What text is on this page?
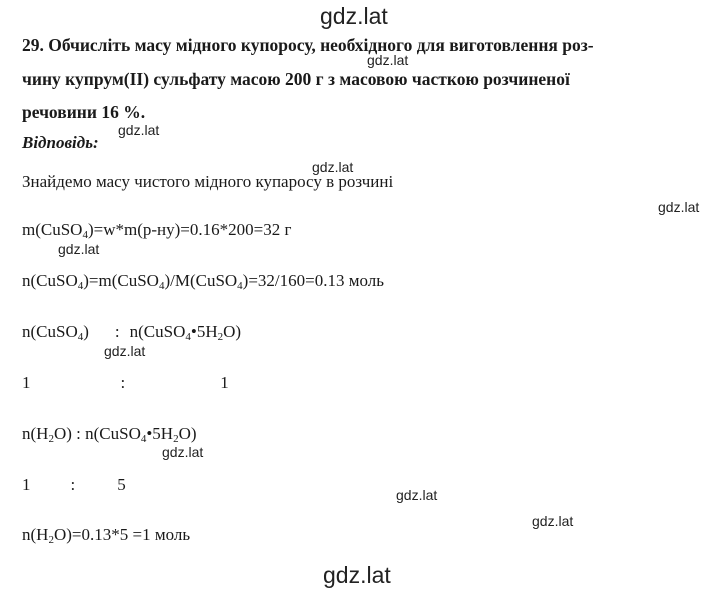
gdz.lat
gdz.lat
gdz.lat
gdz.lat
gdz.lat
gdz.lat
gdz.lat
gdz.lat
gdz.lat
gdz.lat
gdz.lat
29. Обчисліть масу мідного купоросу, необхідного для виготовлення роз-
чину купрум(ІІ) сульфату масою 200 г з масовою часткою розчиненої
речовини 16 %.
Відповідь:
Знайдемо масу чистого мідного купаросу в розчині
m(CuSO$_4$)=w*m(р-ну)=0.16*200=32 г
n(CuSO$_4$)=m(CuSO$_4$)/M(CuSO$_4$)=32/160=0.13 моль
n(CuSO$_4$) : $n(CuSO_4•5H_2O)$
1	:	1
$n(H_2O)$ : $n(CuSO_4•5H_2O)$
1 : 5
$n(H_2O)=0.13*5 =1$ моль
